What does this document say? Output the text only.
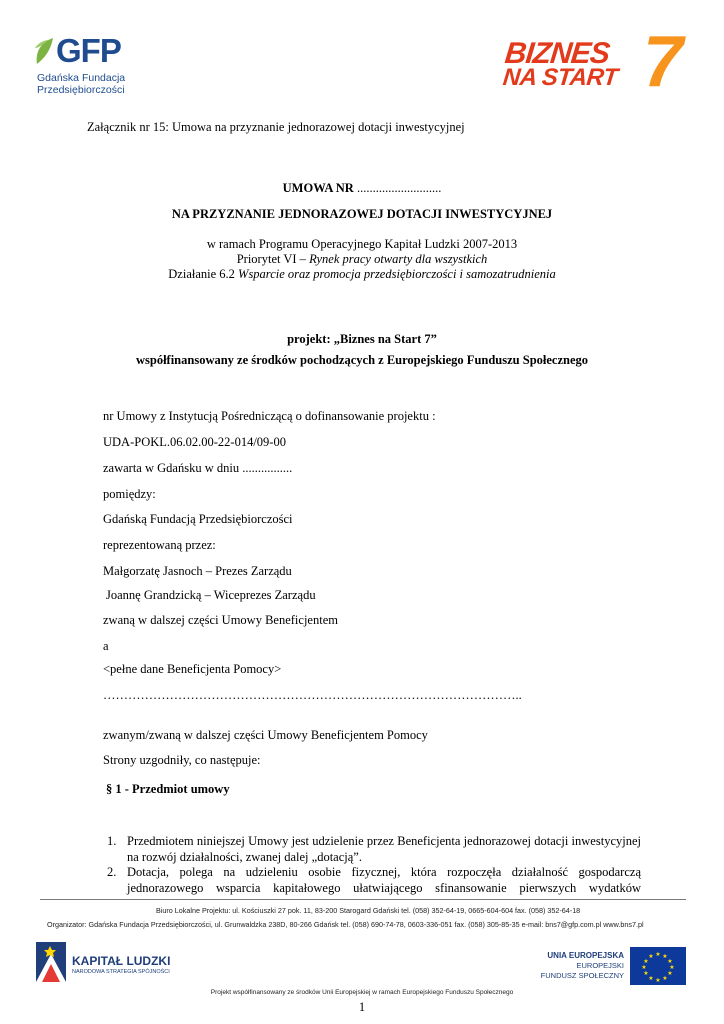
GFP
Gdańska Fundacja
Przedsiębiorczości
BIZNES
NA START 7
Załącznik nr 15: Umowa na przyznanie jednorazowej dotacji inwestycyjnej
UMOWA NR ...........................
NA PRZYZNANIE JEDNORAZOWEJ DOTACJI INWESTYCYJNEJ
w ramach Programu Operacyjnego Kapitał Ludzki 2007-2013
Priorytet VI – Rynek pracy otwarty dla wszystkich
Działanie 6.2 Wsparcie oraz promocja przedsiębiorczości i samozatrudnienia
projekt: „Biznes na Start 7”
współfinansowany ze środków pochodzących z Europejskiego Funduszu Społecznego
nr Umowy z Instytucją Pośredniczącą o dofinansowanie projektu :
UDA-POKL.06.02.00-22-014/09-00
zawarta w Gdańsku w dniu ................
pomiędzy:
Gdańską Fundacją Przedsiębiorczości
reprezentowaną przez:
Małgorzatę Jasnoch – Prezes Zarządu
Joannę Grandzicką – Wiceprezes Zarządu
zwaną w dalszej części Umowy Beneficjentem
a
<pełne dane Beneficjenta Pomocy>
………………………………………………………………………………………..
zwanym/zwaną w dalszej części Umowy Beneficjentem Pomocy
Strony uzgodniły, co następuje:
§ 1 - Przedmiot umowy
1. Przedmiotem niniejszej Umowy jest udzielenie przez Beneficjenta jednorazowej dotacji inwestycyjnej
na rozwój działalności, zwanej dalej „dotacją”.
2. Dotacja, polega na udzieleniu osobie fizycznej, która rozpoczęła działalność gospodarczą
jednorazowego wsparcia kapitałowego ułatwiającego sfinansowanie pierwszych wydatków
Biuro Lokalne Projektu: ul. Kościuszki 27 pok. 11, 83-200 Starogard Gdański tel. (058) 352-64-19, 0665-604-604 fax. (058) 352-64-18
Organizator: Gdańska Fundacja Przedsiębiorczości, ul. Grunwaldzka 238D, 80-266 Gdańsk tel. (058) 690-74-78, 0603-336-051 fax. (058) 305-85-35 e-mail: bns7@gfp.com.pl www.bns7.pl
KAPITAŁ LUDZKI
NARODOWA STRATEGIA SPÓJNOŚCI
UNIA EUROPEJSKA
EUROPEJSKI
FUNDUSZ SPOŁECZNY
★ ★
★
★
★
★
★
★
★
★
★
★
Projekt współfinansowany ze środków Unii Europejskiej w ramach Europejskiego Funduszu Społecznego
1
